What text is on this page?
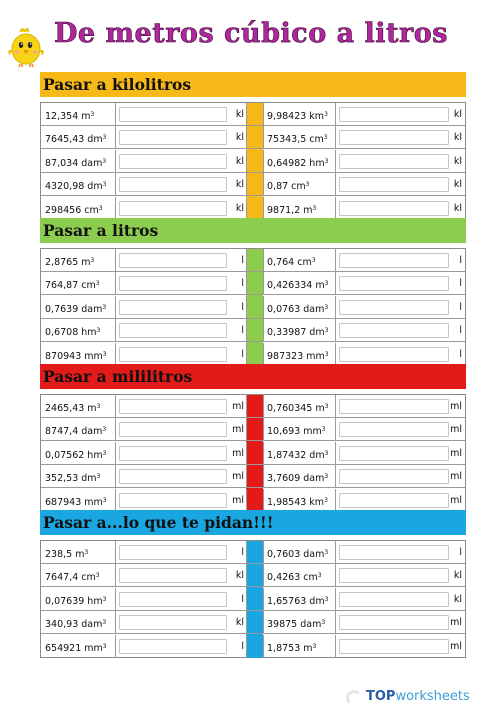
De metros cúbico a litros
Pasar a kilolitros
12,354 $m^3$	kl	9,98423 $km^3$	kl
7645,43 $dm^3$	kl	75343,5 $cm^3$	kl
87,034 dam$^3$	kl	0,64982 $hm^3$	kl
4320,98 $dm^3$	kl	0,87 $cm^3$	kl
298456 $cm^3$	kl	9871,2 $m^3$	kl
Pasar a litros
2,8765 $m^3$	l	0,764 $cm^3$	l
764,87 $cm^3$	l	0,426334 $m^3$	l
0,7639 dam$^3$	l	0,0763 dam$^3$	l
0,6708 $hm^3$	l	0,33987 $dm^3$	l
870943 $mm^3$	l	987323 $mm^3$	l
Pasar a mililitros
2465,43 $m^3$	ml	0,760345 $m^3$	ml
8747,4 dam$^3$	ml	10,693 $mm^3$	ml
0,07562 $hm^3$	ml	1,87432 $dm^3$	ml
352,53 $dm^3$	ml	3,7609 dam$^3$	ml
687943 $mm^3$	ml	1,98543 $km^3$	ml
Pasar a...lo que te pidan!!!
238,5 $m^3$	l	0,7603 dam$^3$	l
7647,4 $cm^3$	kl	0,4263 $cm^3$	kl
0,07639 $hm^3$	l	1,65763 $dm^3$	kl
340,93 dam$^3$	kl	39875 dam$^3$	ml
654921 $mm^3$	l	1,8753 $m^3$	ml
TOPworksheets
